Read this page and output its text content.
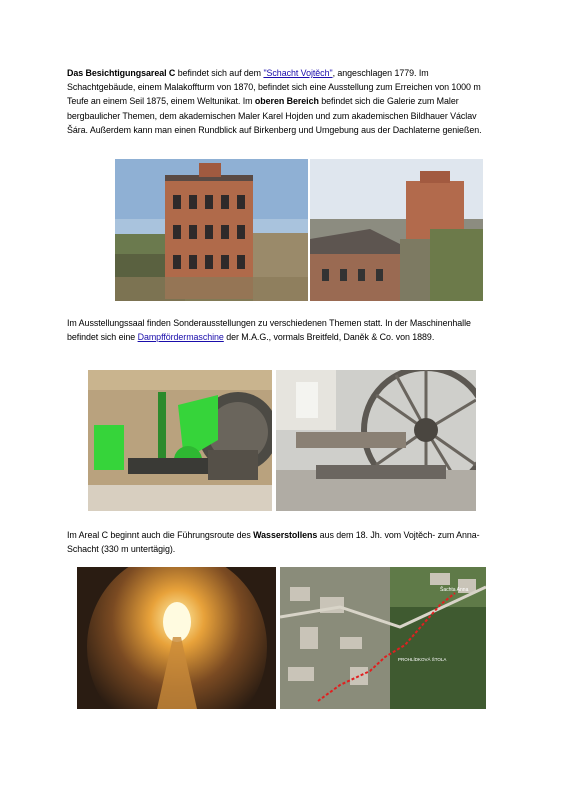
Das Besichtigungsareal C befindet sich auf dem "Schacht Vojtěch", angeschlagen 1779. Im Schachtgebäude, einem Malakoffturm von 1870, befindet sich eine Ausstellung zum Erreichen von 1000 m Teufe an einem Seil 1875, einem Weltunikat. Im oberen Bereich befindet sich die Galerie zum Maler bergbaulicher Themen, dem akademischen Maler Karel Hojden und zum akademischen Bildhauer Václav Šára. Außerdem kann man einen Rundblick auf Birkenberg und Umgebung aus der Dachlaterne genießen.
Im Ausstellungssaal finden Sonderausstellungen zu verschiedenen Themen statt. In der Maschinenhalle befindet sich eine Dampffördermaschine der M.A.G., vormals Breitfeld, Daněk & Co. von 1889.
Im Areal C beginnt auch die Führungsroute des Wasserstollens aus dem 18. Jh. vom Vojtěch- zum Anna- Schacht (330 m untertägig).
Šachta Anna
PROHLÍDKOVÁ ŠTOLA
